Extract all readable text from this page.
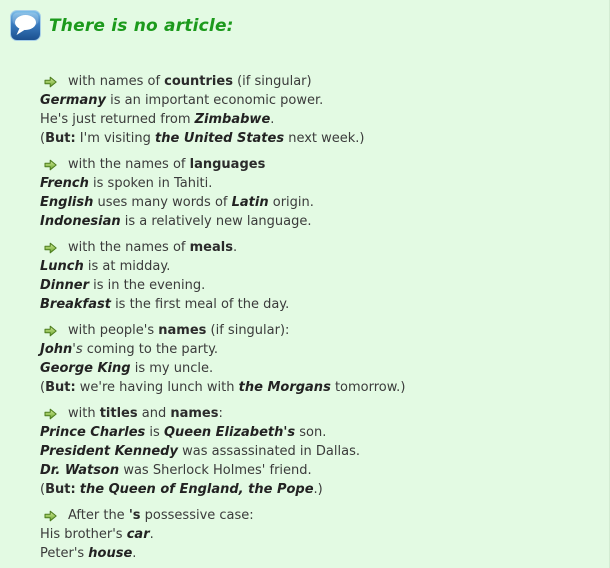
There is no article:
with names of countries (if singular)
Germany is an important economic power.
He's just returned from Zimbabwe.
(But: I'm visiting the United States next week.)
with the names of languages
French is spoken in Tahiti.
English uses many words of Latin origin.
Indonesian is a relatively new language.
with the names of meals.
Lunch is at midday.
Dinner is in the evening.
Breakfast is the first meal of the day.
with people's names (if singular):
John's coming to the party.
George King is my uncle.
(But: we're having lunch with the Morgans tomorrow.)
with titles and names:
Prince Charles is Queen Elizabeth's son.
President Kennedy was assassinated in Dallas.
Dr. Watson was Sherlock Holmes' friend.
(But: the Queen of England, the Pope.)
After the 's possessive case:
His brother's car.
Peter's house.
